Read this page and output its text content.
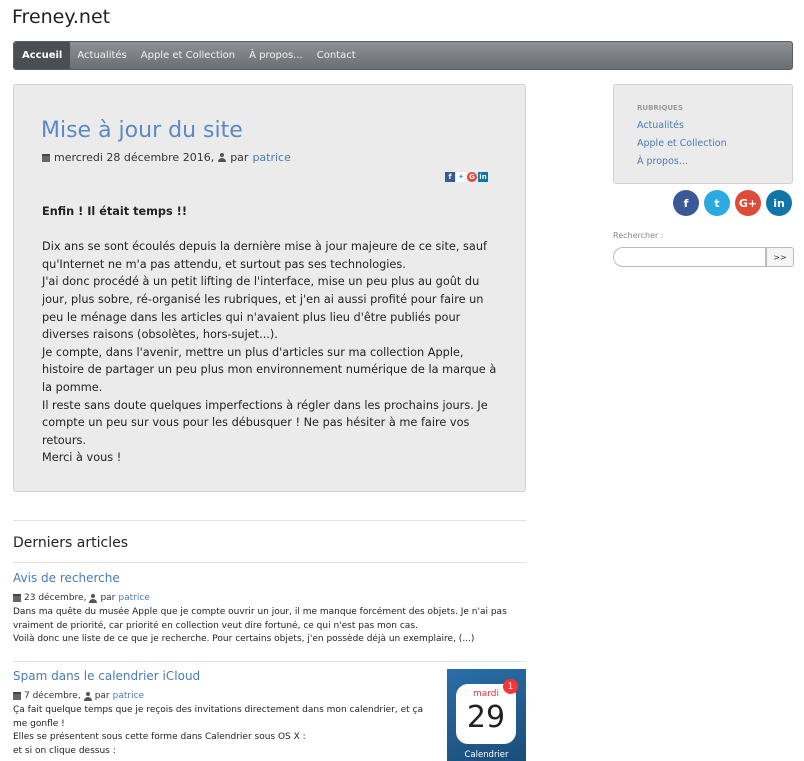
Freney.net
Accueil	Actualités	Apple et Collection	À propos...	Contact
Mise à jour du site
mercredi 28 décembre 2016, par patrice
f ✦ G in

Enfin ! Il était temps !!

Dix ans se sont écoulés depuis la dernière mise à jour majeure de ce site, sauf qu'Internet ne m'a pas attendu, et surtout pas ses technologies.

J'ai donc procédé à un petit lifting de l'interface, mise un peu plus au goût du jour, plus sobre, ré-organisé les rubriques, et j'en ai aussi profité pour faire un peu le ménage dans les articles qui n'avaient plus lieu d'être publiés pour diverses raisons (obsolètes, hors-sujet...).

Je compte, dans l'avenir, mettre un plus d'articles sur ma collection Apple, histoire de partager un peu plus mon environnement numérique de la marque à la pomme.

Il reste sans doute quelques imperfections à régler dans les prochains jours. Je compte un peu sur vous pour les débusquer ! Ne pas hésiter à me faire vos retours.

Merci à vous !

Derniers articles
Avis de recherche
23 décembre, par patrice

Dans ma quête du musée Apple que je compte ouvrir un jour, il me manque forcément des objets. Je n'ai pas vraiment de priorité, car priorité en collection veut dire fortuné, ce qui n'est pas mon cas.

Voilà donc une liste de ce que je recherche. Pour certains objets, j'en possède déjà un exemplaire, (...)

Spam dans le calendrier iCloud
7 décembre, par patrice

Ça fait quelque temps que je reçois des invitations directement dans mon calendrier, et ça me gonfle !

Elles se présentent sous cette forme dans Calendrier sous OS X :

et si on clique dessus :

mardi
29
1
Calendrier
RUBRIQUES
Actualités
Apple et Collection
À propos...
f	t	G+	in
Rechercher :
>>
